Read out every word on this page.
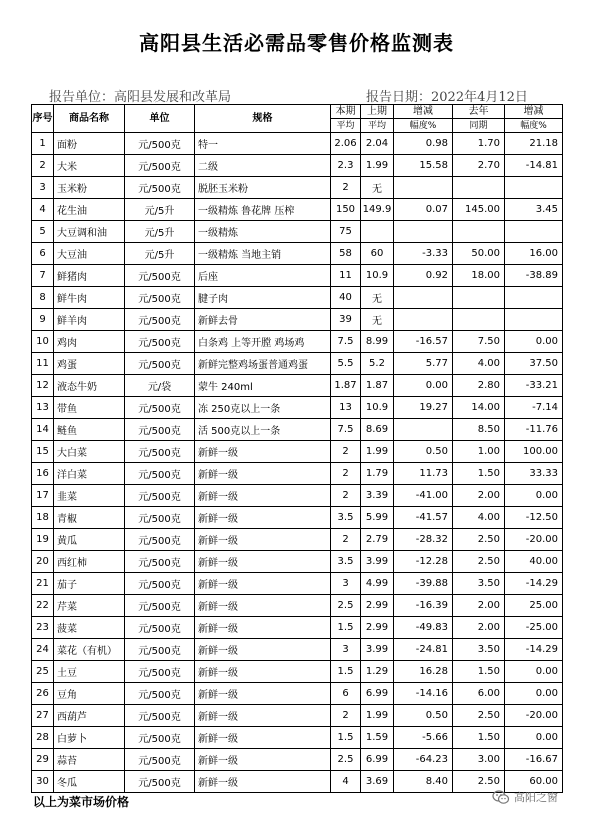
高阳县生活必需品零售价格监测表
报告单位：高阳县发展和改革局	报告日期：2022年4月12日
序号	商品名称	单位	规格	本期	上期	增减	去年	增减
				平均	平均	幅度%	同期	幅度%
1	面粉	元/500克	特一	2.06	2.04	0.98	1.70	21.18
2	大米	元/500克	二级	2.3	1.99	15.58	2.70	-14.81
3	玉米粉	元/500克	脱胚玉米粉	2	无			
4	花生油	元/5升	一级精炼 鲁花牌 压榨	150	149.9	0.07	145.00	3.45
5	大豆调和油	元/5升	一级精炼	75				
6	大豆油	元/5升	一级精炼 当地主销	58	60	-3.33	50.00	16.00
7	鲜猪肉	元/500克	后座	11	10.9	0.92	18.00	-38.89
8	鲜牛肉	元/500克	腱子肉	40	无			
9	鲜羊肉	元/500克	新鲜去骨	39	无			
10	鸡肉	元/500克	白条鸡 上等开膛 鸡场鸡	7.5	8.99	-16.57	7.50	0.00
11	鸡蛋	元/500克	新鲜完整鸡场蛋普通鸡蛋	5.5	5.2	5.77	4.00	37.50
12	液态牛奶	元/袋	蒙牛 240ml	1.87	1.87	0.00	2.80	-33.21
13	带鱼	元/500克	冻 250克以上一条	13	10.9	19.27	14.00	-7.14
14	鲢鱼	元/500克	活 500克以上一条	7.5	8.69		8.50	-11.76
15	大白菜	元/500克	新鲜一级	2	1.99	0.50	1.00	100.00
16	洋白菜	元/500克	新鲜一级	2	1.79	11.73	1.50	33.33
17	韭菜	元/500克	新鲜一级	2	3.39	-41.00	2.00	0.00
18	青椒	元/500克	新鲜一级	3.5	5.99	-41.57	4.00	-12.50
19	黄瓜	元/500克	新鲜一级	2	2.79	-28.32	2.50	-20.00
20	西红柿	元/500克	新鲜一级	3.5	3.99	-12.28	2.50	40.00
21	茄子	元/500克	新鲜一级	3	4.99	-39.88	3.50	-14.29
22	芹菜	元/500克	新鲜一级	2.5	2.99	-16.39	2.00	25.00
23	菠菜	元/500克	新鲜一级	1.5	2.99	-49.83	2.00	-25.00
24	菜花（有机）	元/500克	新鲜一级	3	3.99	-24.81	3.50	-14.29
25	土豆	元/500克	新鲜一级	1.5	1.29	16.28	1.50	0.00
26	豆角	元/500克	新鲜一级	6	6.99	-14.16	6.00	0.00
27	西葫芦	元/500克	新鲜一级	2	1.99	0.50	2.50	-20.00
28	白萝卜	元/500克	新鲜一级	1.5	1.59	-5.66	1.50	0.00
29	蒜苔	元/500克	新鲜一级	2.5	6.99	-64.23	3.00	-16.67
30	冬瓜	元/500克	新鲜一级	4	3.69	8.40	2.50	60.00
以上为菜市场价格	高阳之窗
